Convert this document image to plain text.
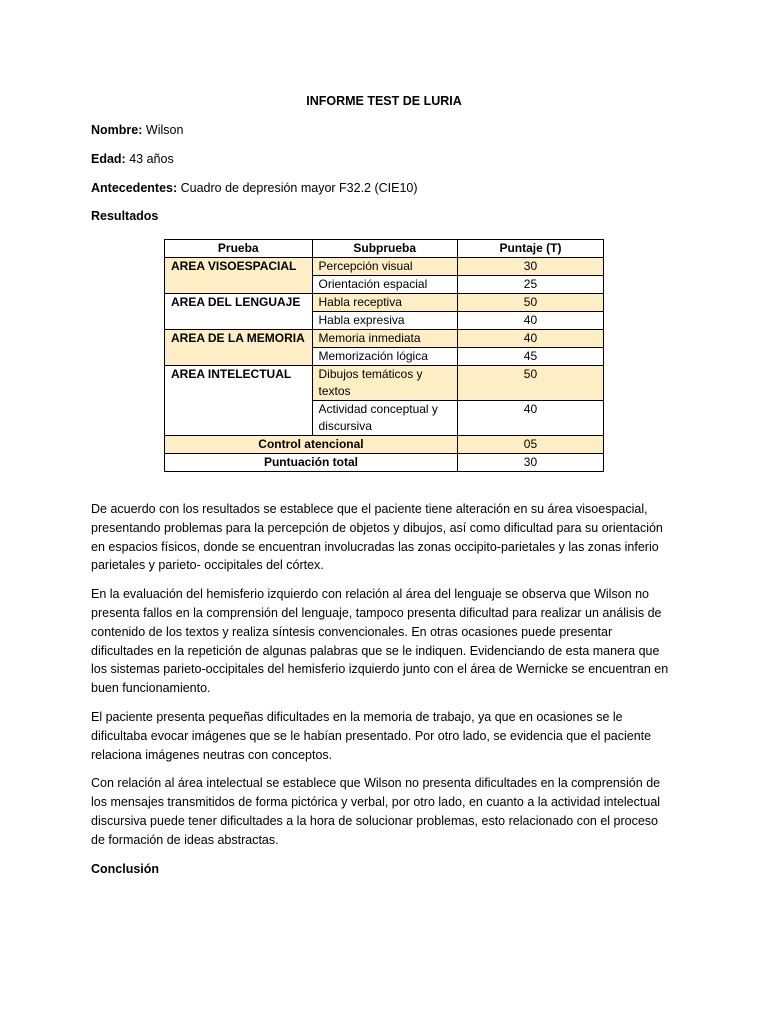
INFORME TEST DE LURIA
Nombre: Wilson
Edad: 43 años
Antecedentes: Cuadro de depresión mayor F32.2 (CIE10)
Resultados
Prueba	Subprueba	Puntaje (T)
AREA VISOESPACIAL	Percepción visual	30
	Orientación espacial	25
AREA DEL LENGUAJE	Habla receptiva	50
	Habla expresiva	40
AREA DE LA MEMORIA	Memoria inmediata	40
	Memorización lógica	45
AREA INTELECTUAL	Dibujos temáticos y textos	50
	Actividad conceptual y discursiva	40
Control atencional		05
Puntuación total		30

De acuerdo con los resultados se establece que el paciente tiene alteración en su área visoespacial, presentando problemas para la percepción de objetos y dibujos, así como dificultad para su orientación en espacios físicos, donde se encuentran involucradas las zonas occipito-parietales y las zonas inferio parietales y parieto- occipitales del córtex.

En la evaluación del hemisferio izquierdo con relación al área del lenguaje se observa que Wilson no presenta fallos en la comprensión del lenguaje, tampoco presenta dificultad para realizar un análisis de contenido de los textos y realiza síntesis convencionales. En otras ocasiones puede presentar dificultades en la repetición de algunas palabras que se le indiquen. Evidenciando de esta manera que los sistemas parieto-occipitales del hemisferio izquierdo junto con el área de Wernicke se encuentran en buen funcionamiento.

El paciente presenta pequeñas dificultades en la memoria de trabajo, ya que en ocasiones se le dificultaba evocar imágenes que se le habían presentado. Por otro lado, se evidencia que el paciente relaciona imágenes neutras con conceptos.

Con relación al área intelectual se establece que Wilson no presenta dificultades en la comprensión de los mensajes transmitidos de forma pictórica y verbal, por otro lado, en cuanto a la actividad intelectual discursiva puede tener dificultades a la hora de solucionar problemas, esto relacionado con el proceso de formación de ideas abstractas.

Conclusión
